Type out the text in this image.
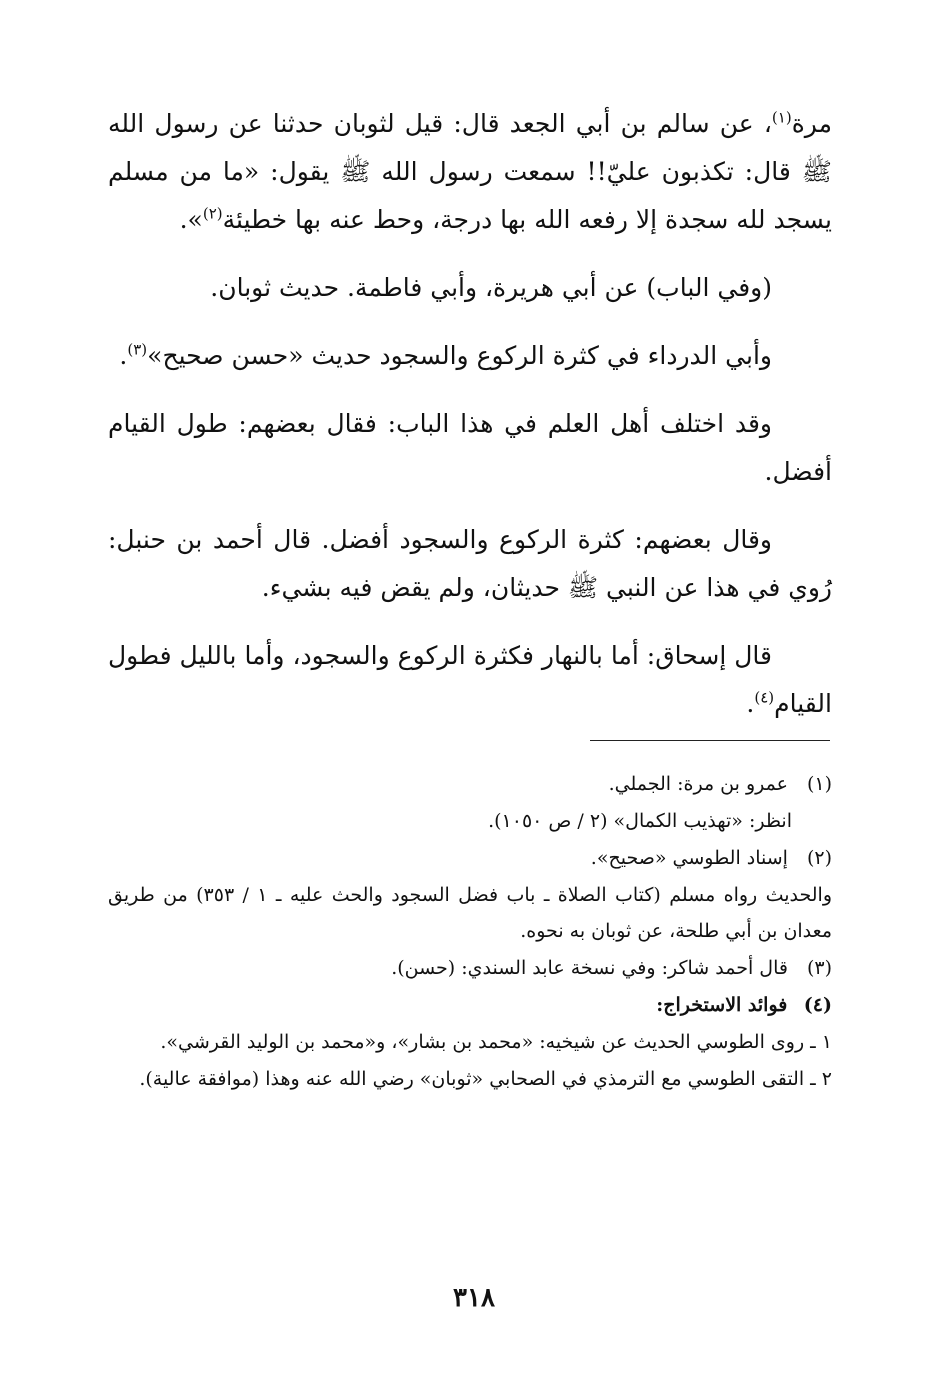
مرة$^{(١)}$، عن سالم بن أبي الجعد قال: قيل لثوبان حدثنا عن رسول الله ﷺ قال: تكذبون عليّ!! سمعت رسول الله ﷺ يقول: «ما من مسلم يسجد لله سجدة إلا رفعه الله بها درجة، وحط عنه بها خطيئة$^{(٢)}$».

(وفي الباب) عن أبي هريرة، وأبي فاطمة. حديث ثوبان.

وأبي الدرداء في كثرة الركوع والسجود حديث «حسن صحيح»$^{(٣)}$.

وقد اختلف أهل العلم في هذا الباب: فقال بعضهم: طول القيام أفضل.

وقال بعضهم: كثرة الركوع والسجود أفضل. قال أحمد بن حنبل: رُوي في هذا عن النبي ﷺ حديثان، ولم يقض فيه بشيء.

قال إسحاق: أما بالنهار فكثرة الركوع والسجود، وأما بالليل فطول القيام$^{(٤)}$.

(١) عمرو بن مرة: الجملي.

انظر: «تهذيب الكمال» (٢ / ص ١٠٥٠).

(٢) إسناد الطوسي «صحيح».

والحديث رواه مسلم (كتاب الصلاة ـ باب فضل السجود والحث عليه ـ ١ / ٣٥٣) من طريق معدان بن أبي طلحة، عن ثوبان به نحوه.

(٣) قال أحمد شاكر: وفي نسخة عابد السندي: (حسن).

(٤) فوائد الاستخراج:

١ ـ روى الطوسي الحديث عن شيخيه: «محمد بن بشار»، و«محمد بن الوليد القرشي».

٢ ـ التقى الطوسي مع الترمذي في الصحابي «ثوبان» رضي الله عنه وهذا (موافقة عالية).

٣١٨
